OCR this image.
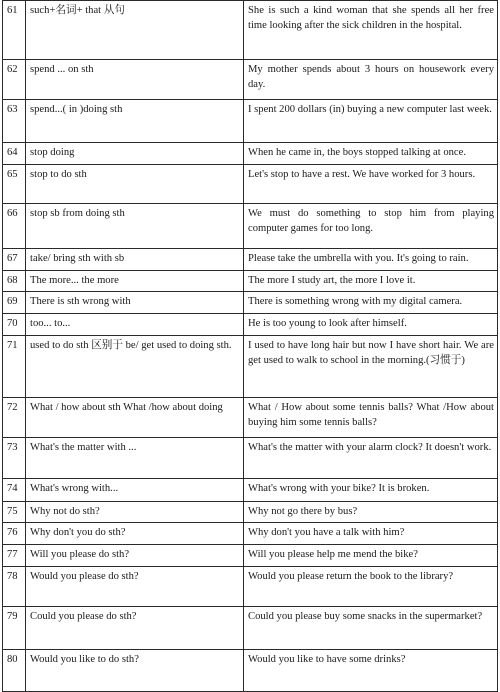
61	such+名词+ that 从句	She is such a kind woman that she spends all her free time looking after the sick children in the hospital.
62	spend ... on sth	My mother spends about 3 hours on housework every day.
63	spend...( in )doing sth	I spent 200 dollars (in) buying a new computer last week.
64	stop doing	When he came in, the boys stopped talking at once.
65	stop to do sth	Let's stop to have a rest. We have worked for 3 hours.
66	stop sb from doing sth	We must do something to stop him from playing computer games for too long.
67	take/ bring sth with sb	Please take the umbrella with you. It's going to rain.
68	The more... the more	The more I study art, the more I love it.
69	There is sth wrong with	There is something wrong with my digital camera.
70	too... to...	He is too young to look after himself.
71	used to do sth 区别于 be/ get used to doing sth.	I used to have long hair but now I have short hair. We are get used to walk to school in the morning.(习惯于)
72	What / how about sth What /how about doing	What / How about some tennis balls? What /How about buying him some tennis balls?
73	What's the matter with ...	What's the matter with your alarm clock? It doesn't work.
74	What's wrong with...	What's wrong with your bike? It is broken.
75	Why not do sth?	Why not go there by bus?
76	Why don't you do sth?	Why don't you have a talk with him?
77	Will you please do sth?	Will you please help me mend the bike?
78	Would you please do sth?	Would you please return the book to the library?
79	Could you please do sth?	Could you please buy some snacks in the supermarket?
80	Would you like to do sth?	Would you like to have some drinks?
